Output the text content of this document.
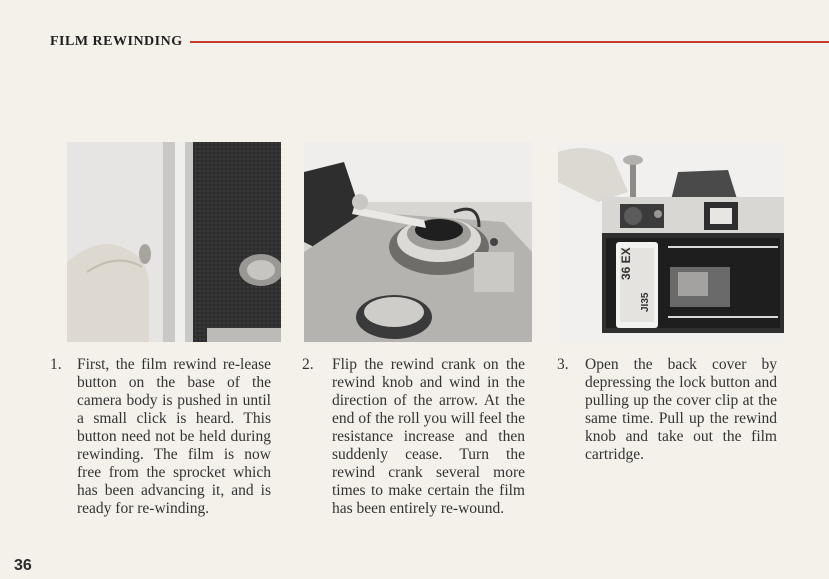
FILM REWINDING
36 EX
JI35
1. First, the film rewind re-lease button on the base of the camera body is pushed in until a small click is heard. This button need not be held during rewinding. The film is now free from the sprocket which has been advancing it, and is ready for re-winding.
2. Flip the rewind crank on the rewind knob and wind in the direction of the arrow. At the end of the roll you will feel the resistance increase and then suddenly cease. Turn the rewind crank several more times to make certain the film has been entirely re-wound.
3. Open the back cover by depressing the lock button and pulling up the cover clip at the same time. Pull up the rewind knob and take out the film cartridge.
36
